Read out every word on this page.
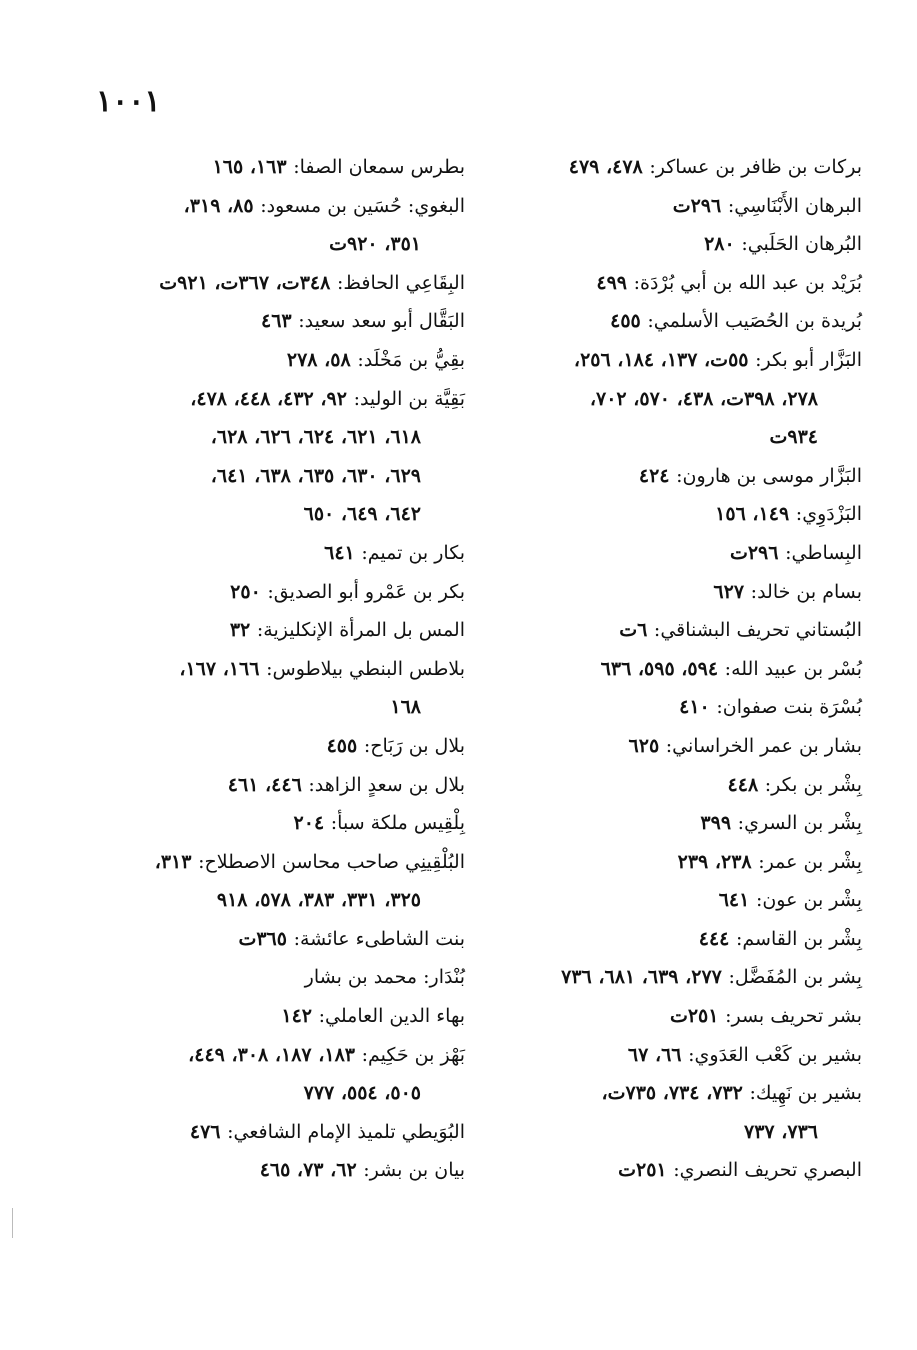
١٠٠١
بركات بن ظافر بن عساكر: ٤٧٨، ٤٧٩
البرهان الأَبْنَاسِي: ٢٩٦ت
البُرهان الحَلَبي: ٢٨٠
بُرَيْد بن عبد الله بن أبي بُرْدَة: ٤٩٩
بُريدة بن الحُصَيب الأسلمي: ٤٥٥
البَزَّار أبو بكر: ٥٥ت، ١٣٧، ١٨٤، ٢٥٦،
٢٧٨، ٣٩٨ت، ٤٣٨، ٥٧٠، ٧٠٢،
٩٣٤ت
البَزَّار موسى بن هارون: ٤٢٤
البَزْدَوِي: ١٤٩، ١٥٦
البِساطي: ٢٩٦ت
بسام بن خالد: ٦٢٧
البُستاني تحريف البشناقي: ٦ت
بُسْر بن عبيد الله: ٥٩٤، ٥٩٥، ٦٣٦
بُسْرَة بنت صفوان: ٤١٠
بشار بن عمر الخراساني: ٦٢٥
بِشْر بن بكر: ٤٤٨
بِشْر بن السري: ٣٩٩
بِشْر بن عمر: ٢٣٨، ٢٣٩
بِشْر بن عون: ٦٤١
بِشْر بن القاسم: ٤٤٤
بِشر بن المُفَضَّل: ٢٧٧، ٦٣٩، ٦٨١، ٧٣٦
بشر تحريف بسر: ٢٥١ت
بشير بن كَعْب العَدَوي: ٦٦، ٦٧
بشير بن نَهِيك: ٧٣٢، ٧٣٤، ٧٣٥ت،
٧٣٦، ٧٣٧
البصري تحريف النصري: ٢٥١ت
بطرس سمعان الصفا: ١٦٣، ١٦٥
البغوي: حُسَين بن مسعود: ٨٥، ٣١٩،
٣٥١، ٩٢٠ت
البِقَاعِي الحافظ: ٣٤٨ت، ٣٦٧ت، ٩٢١ت
البَقَّال أبو سعد سعيد: ٤٦٣
بقِيُّ بن مَخْلَد: ٥٨، ٢٧٨
بَقِيَّة بن الوليد: ٩٢، ٤٣٢، ٤٤٨، ٤٧٨،
٦١٨، ٦٢١، ٦٢٤، ٦٢٦، ٦٢٨،
٦٢٩، ٦٣٠، ٦٣٥، ٦٣٨، ٦٤١،
٦٤٢، ٦٤٩، ٦٥٠
بكار بن تميم: ٦٤١
بكر بن عَمْرو أبو الصديق: ٢٥٠
المس بل المرأة الإنكليزية: ٣٢
بلاطس البنطي بيلاطوس: ١٦٦، ١٦٧،
١٦٨
بلال بن رَبَاح: ٤٥٥
بلال بن سعدٍ الزاهد: ٤٤٦، ٤٦١
بِلْقِيس ملكة سبأ: ٢٠٤
البُلْقِينِي صاحب محاسن الاصطلاح: ٣١٣،
٣٢٥، ٣٣١، ٣٨٣، ٥٧٨، ٩١٨
بنت الشاطىء عائشة: ٣٦٥ت
بُنْدَار: محمد بن بشار
بهاء الدين العاملي: ١٤٢
بَهْز بن حَكِيم: ١٨٣، ١٨٧، ٣٠٨، ٤٤٩،
٥٠٥، ٥٥٤، ٧٧٧
البُوَيطي تلميذ الإمام الشافعي: ٤٧٦
بيان بن بشر: ٦٢، ٧٣، ٤٦٥
